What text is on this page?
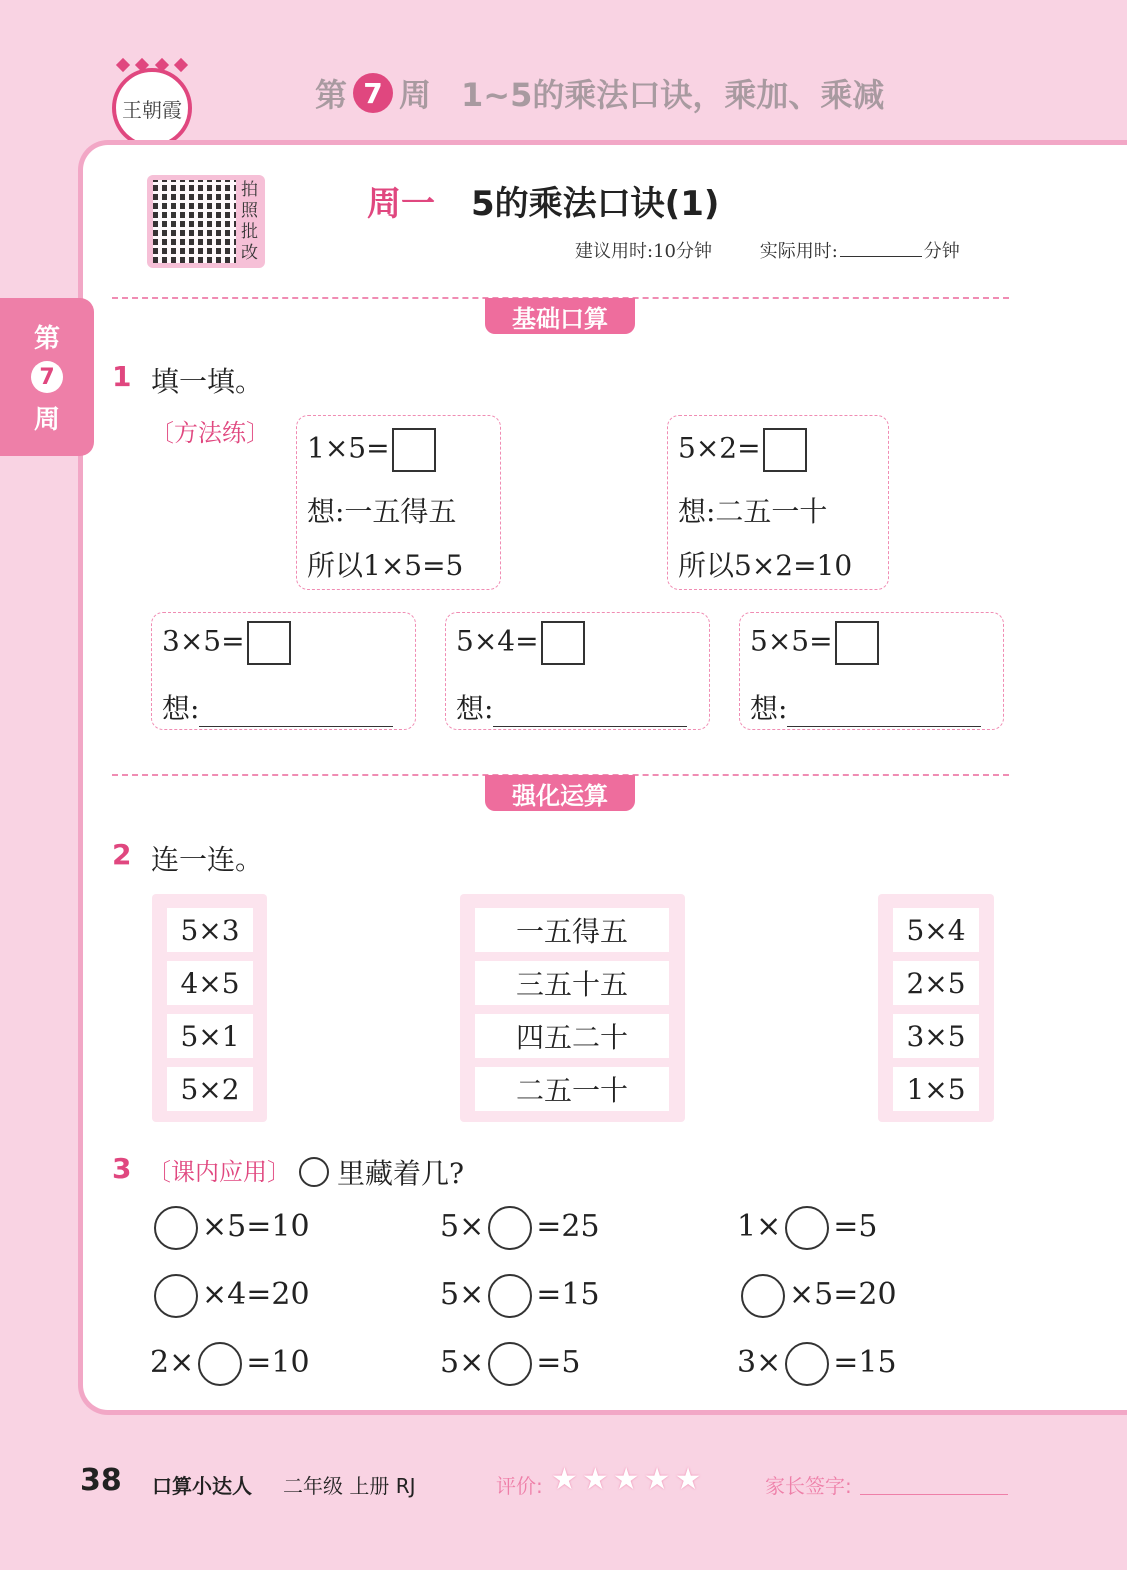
王朝霞	第 7 周 1~5的乘法口诀，乘加、乘减
第
7
周
拍照批改
周一 5的乘法口诀(1)
建议用时:10分钟	实际用时:	分钟
基础口算
1 填一填。
〔方法练〕 1×5=
想:一五得五
所以1×5=5
5×2=
想:二五一十
所以5×2=10
3×5=
想:
5×4=
想:
5×5=
想:
强化运算
2 连一连。
5×3
4×5
5×1
5×2
一五得五
三五十五
四五二十
二五一十
5×4
2×5
3×5
1×5
3 〔课内应用〕 里藏着几?
×5=10	5× =25	1× =5
×4=20	5× =15	×5=20
2× =10	5× =5	3× =15
38 口算小达人 二年级 上册 RJ	评价: ★★★★★	家长签字:
